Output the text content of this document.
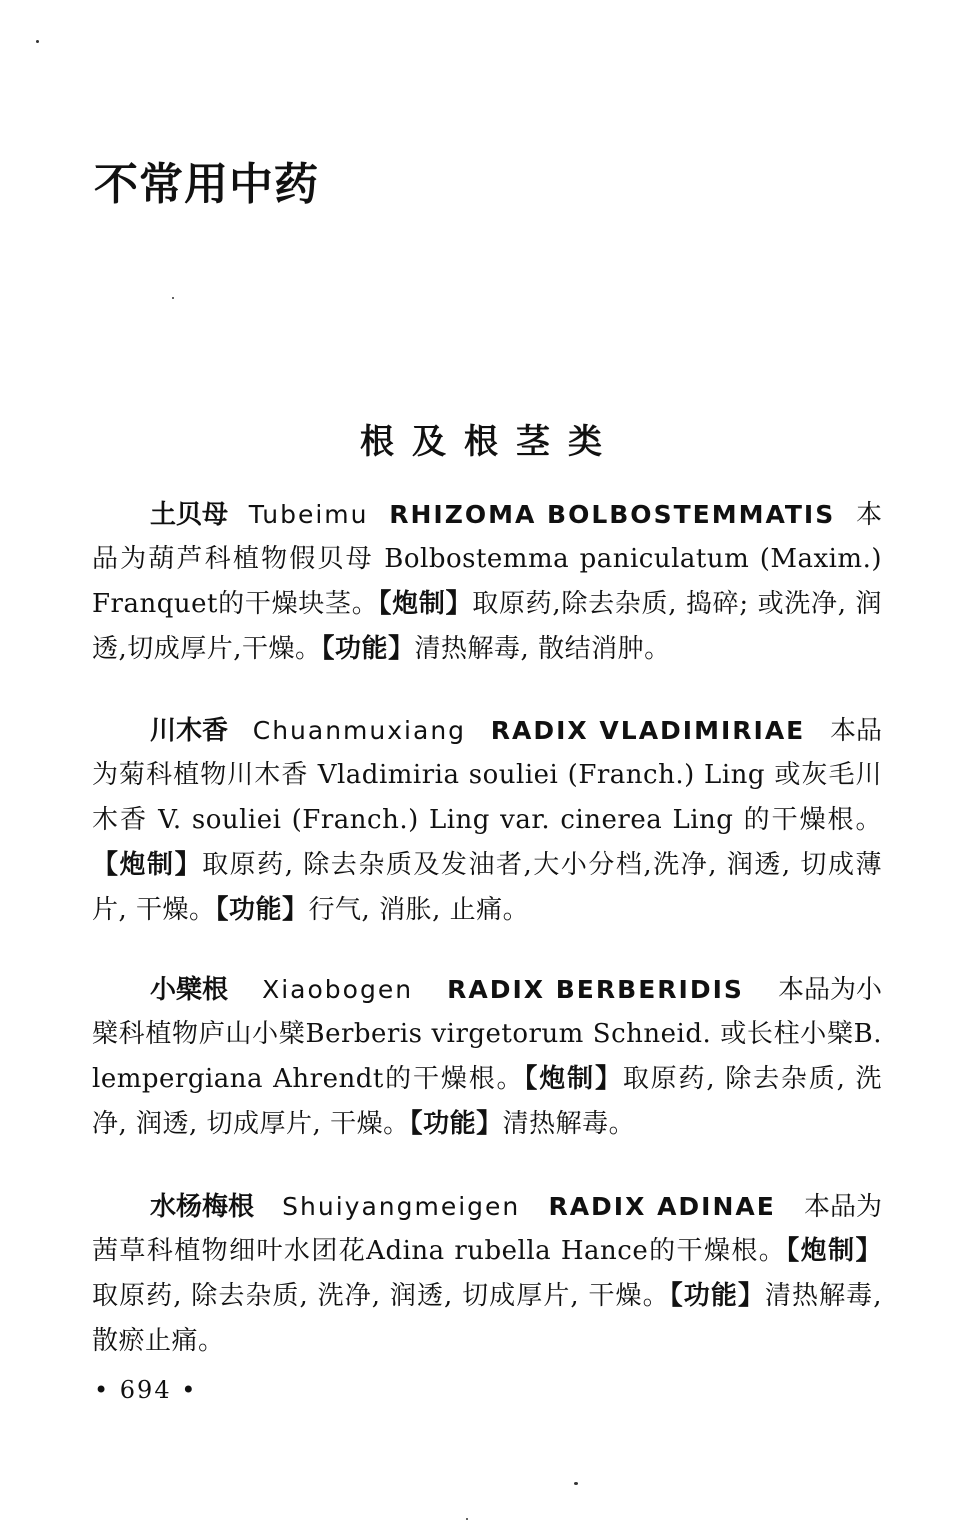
不常用中药
根及根茎类
土贝母 Tubeimu RHIZOMA BOLBOSTEMMATIS 本
品为葫芦科植物假贝母 Bolbostemma paniculatum (Maxim.) Franquet的干燥块茎。【炮制】取原药,除去杂质, 捣碎; 或洗净, 润透,切成厚片,干燥。【功能】清热解毒, 散结消肿。
川木香 Chuanmuxiang RADIX VLADIMIRIAE 本品
为菊科植物川木香 Vladimiria souliei (Franch.) Ling 或灰毛川木香 V. souliei (Franch.) Ling var. cinerea Ling 的干燥根。【炮制】取原药, 除去杂质及发油者,大小分档,洗净, 润透, 切成薄片, 干燥。【功能】行气, 消胀, 止痛。
小檗根 Xiaobogen RADIX BERBERIDIS 本品为小
檗科植物庐山小檗Berberis virgetorum Schneid. 或长柱小檗B. lempergiana Ahrendt的干燥根。【炮制】取原药, 除去杂质, 洗净, 润透, 切成厚片, 干燥。【功能】清热解毒。
水杨梅根 Shuiyangmeigen RADIX ADINAE 本品为
茜草科植物细叶水团花Adina rubella Hance的干燥根。【炮制】取原药, 除去杂质, 洗净, 润透, 切成厚片, 干燥。【功能】清热解毒, 散瘀止痛。
• 694 •
